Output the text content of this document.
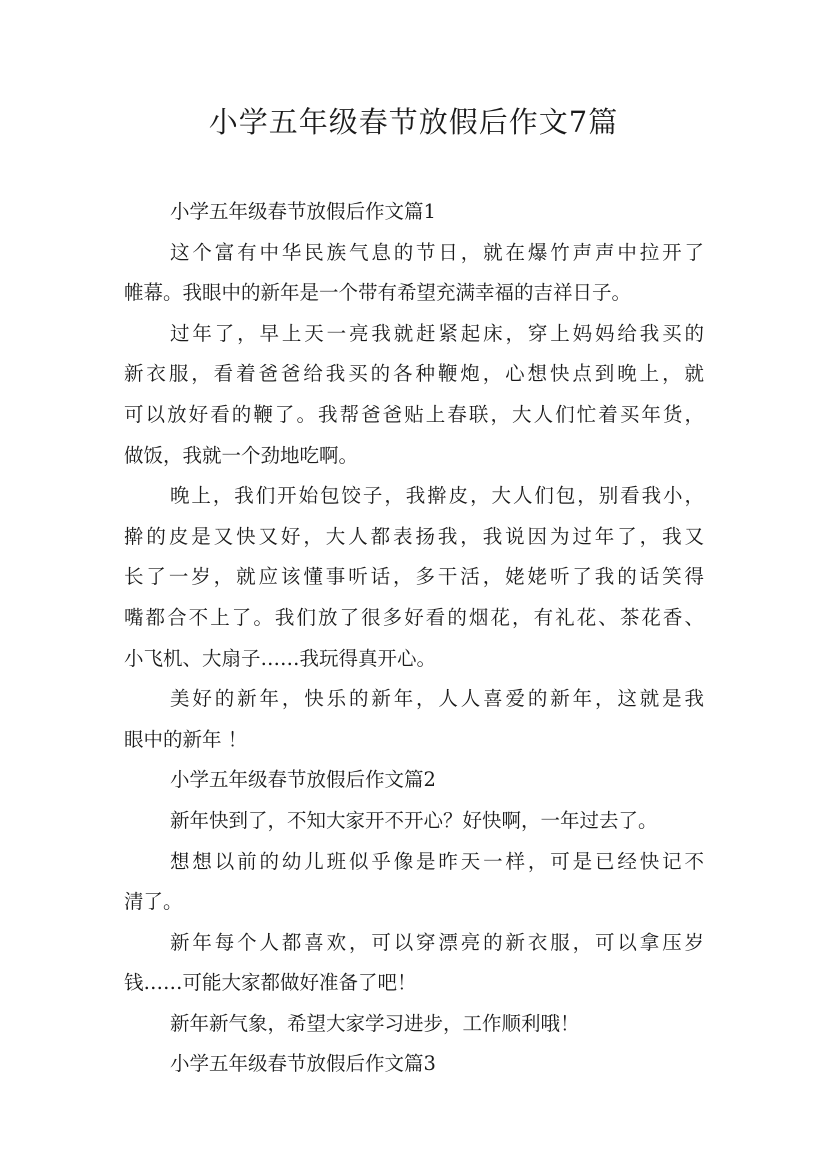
小学五年级春节放假后作文7篇
小学五年级春节放假后作文篇1
这个富有中华民族气息的节日，就在爆竹声声中拉开了
帷幕。我眼中的新年是一个带有希望充满幸福的吉祥日子。
过年了，早上天一亮我就赶紧起床，穿上妈妈给我买的
新衣服，看着爸爸给我买的各种鞭炮，心想快点到晚上，就
可以放好看的鞭了。我帮爸爸贴上春联，大人们忙着买年货，
做饭，我就一个劲地吃啊。
晚上，我们开始包饺子，我擀皮，大人们包，别看我小，
擀的皮是又快又好，大人都表扬我，我说因为过年了，我又
长了一岁，就应该懂事听话，多干活，姥姥听了我的话笑得
嘴都合不上了。我们放了很多好看的烟花，有礼花、茶花香、
小飞机、大扇子……我玩得真开心。
美好的新年，快乐的新年，人人喜爱的新年，这就是我
眼中的新年 ！
小学五年级春节放假后作文篇2
新年快到了，不知大家开不开心？好快啊，一年过去了。
想想以前的幼儿班似乎像是昨天一样，可是已经快记不
清了。
新年每个人都喜欢，可以穿漂亮的新衣服，可以拿压岁
钱……可能大家都做好准备了吧！
新年新气象，希望大家学习进步，工作顺利哦！
小学五年级春节放假后作文篇3
